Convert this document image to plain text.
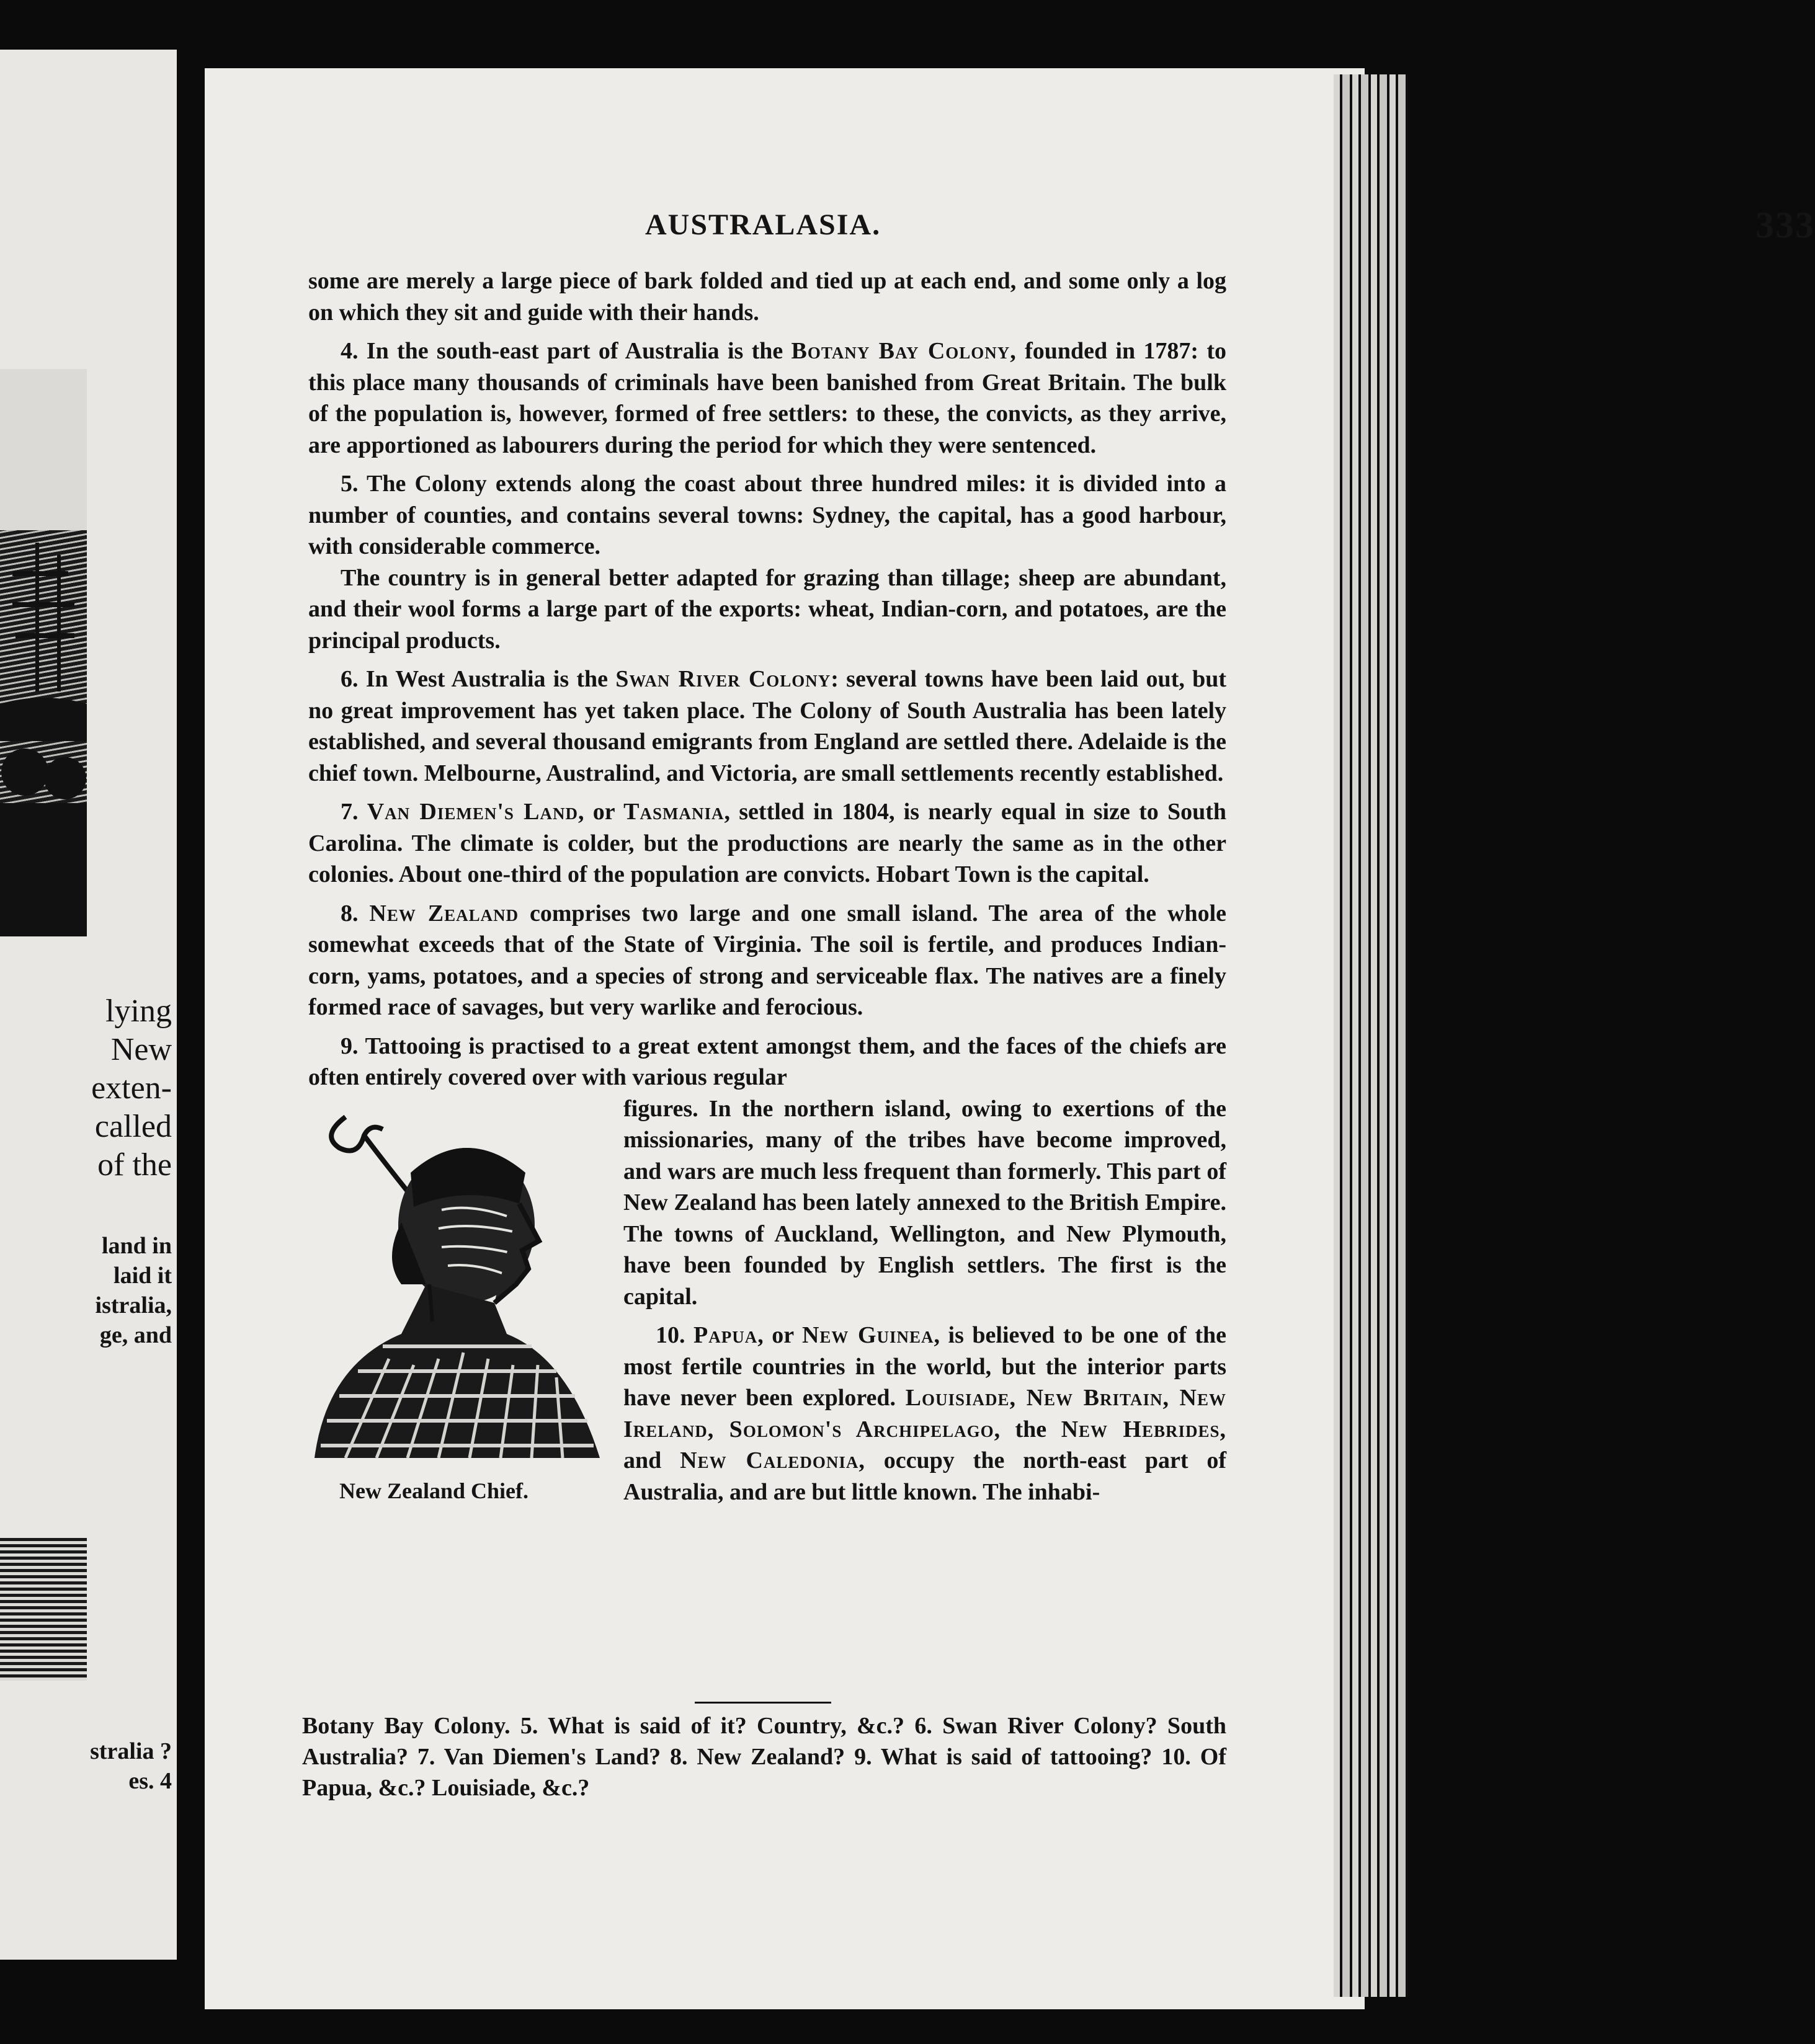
lying
New
exten-
called
of the
land in
laid it
istralia,
ge, and
stralia ?
es. 4
AUSTRALASIA.	333

some are merely a large piece of bark folded and tied up at each end, and some only a log on which they sit and guide with their hands.

4. In the south-east part of Australia is the Botany Bay Colony, founded in 1787: to this place many thousands of criminals have been banished from Great Britain. The bulk of the population is, however, formed of free settlers: to these, the convicts, as they arrive, are apportioned as labourers during the period for which they were sentenced.

5. The Colony extends along the coast about three hundred miles: it is divided into a number of counties, and contains several towns: Sydney, the capital, has a good harbour, with considerable commerce.

The country is in general better adapted for grazing than tillage; sheep are abundant, and their wool forms a large part of the exports: wheat, Indian-corn, and potatoes, are the principal products.

6. In West Australia is the Swan River Colony: several towns have been laid out, but no great improvement has yet taken place. The Colony of South Australia has been lately established, and several thousand emigrants from England are settled there. Adelaide is the chief town. Melbourne, Australind, and Victoria, are small settlements recently established.

7. Van Diemen's Land, or Tasmania, settled in 1804, is nearly equal in size to South Carolina. The climate is colder, but the productions are nearly the same as in the other colonies. About one-third of the population are convicts. Hobart Town is the capital.

8. New Zealand comprises two large and one small island. The area of the whole somewhat exceeds that of the State of Virginia. The soil is fertile, and produces Indian-corn, yams, potatoes, and a species of strong and serviceable flax. The natives are a finely formed race of savages, but very warlike and ferocious.

9. Tattooing is practised to a great extent amongst them, and the faces of the chiefs are often entirely covered over with various regular

New Zealand Chief.

figures. In the northern island, owing to exertions of the missionaries, many of the tribes have become improved, and wars are much less frequent than formerly. This part of New Zealand has been lately annexed to the British Empire. The towns of Auckland, Wellington, and New Plymouth, have been founded by English settlers. The first is the capital.

10. Papua, or New Guinea, is believed to be one of the most fertile countries in the world, but the interior parts have never been explored. Louisiade, New Britain, New Ireland, Solomon's Archipelago, the New Hebrides, and New Caledonia, occupy the north-east part of Australia, and are but little known. The inhabi-

Botany Bay Colony. 5. What is said of it? Country, &c.? 6. Swan River Colony? South Australia? 7. Van Diemen's Land? 8. New Zealand? 9. What is said of tattooing? 10. Of Papua, &c.? Louisiade, &c.?
